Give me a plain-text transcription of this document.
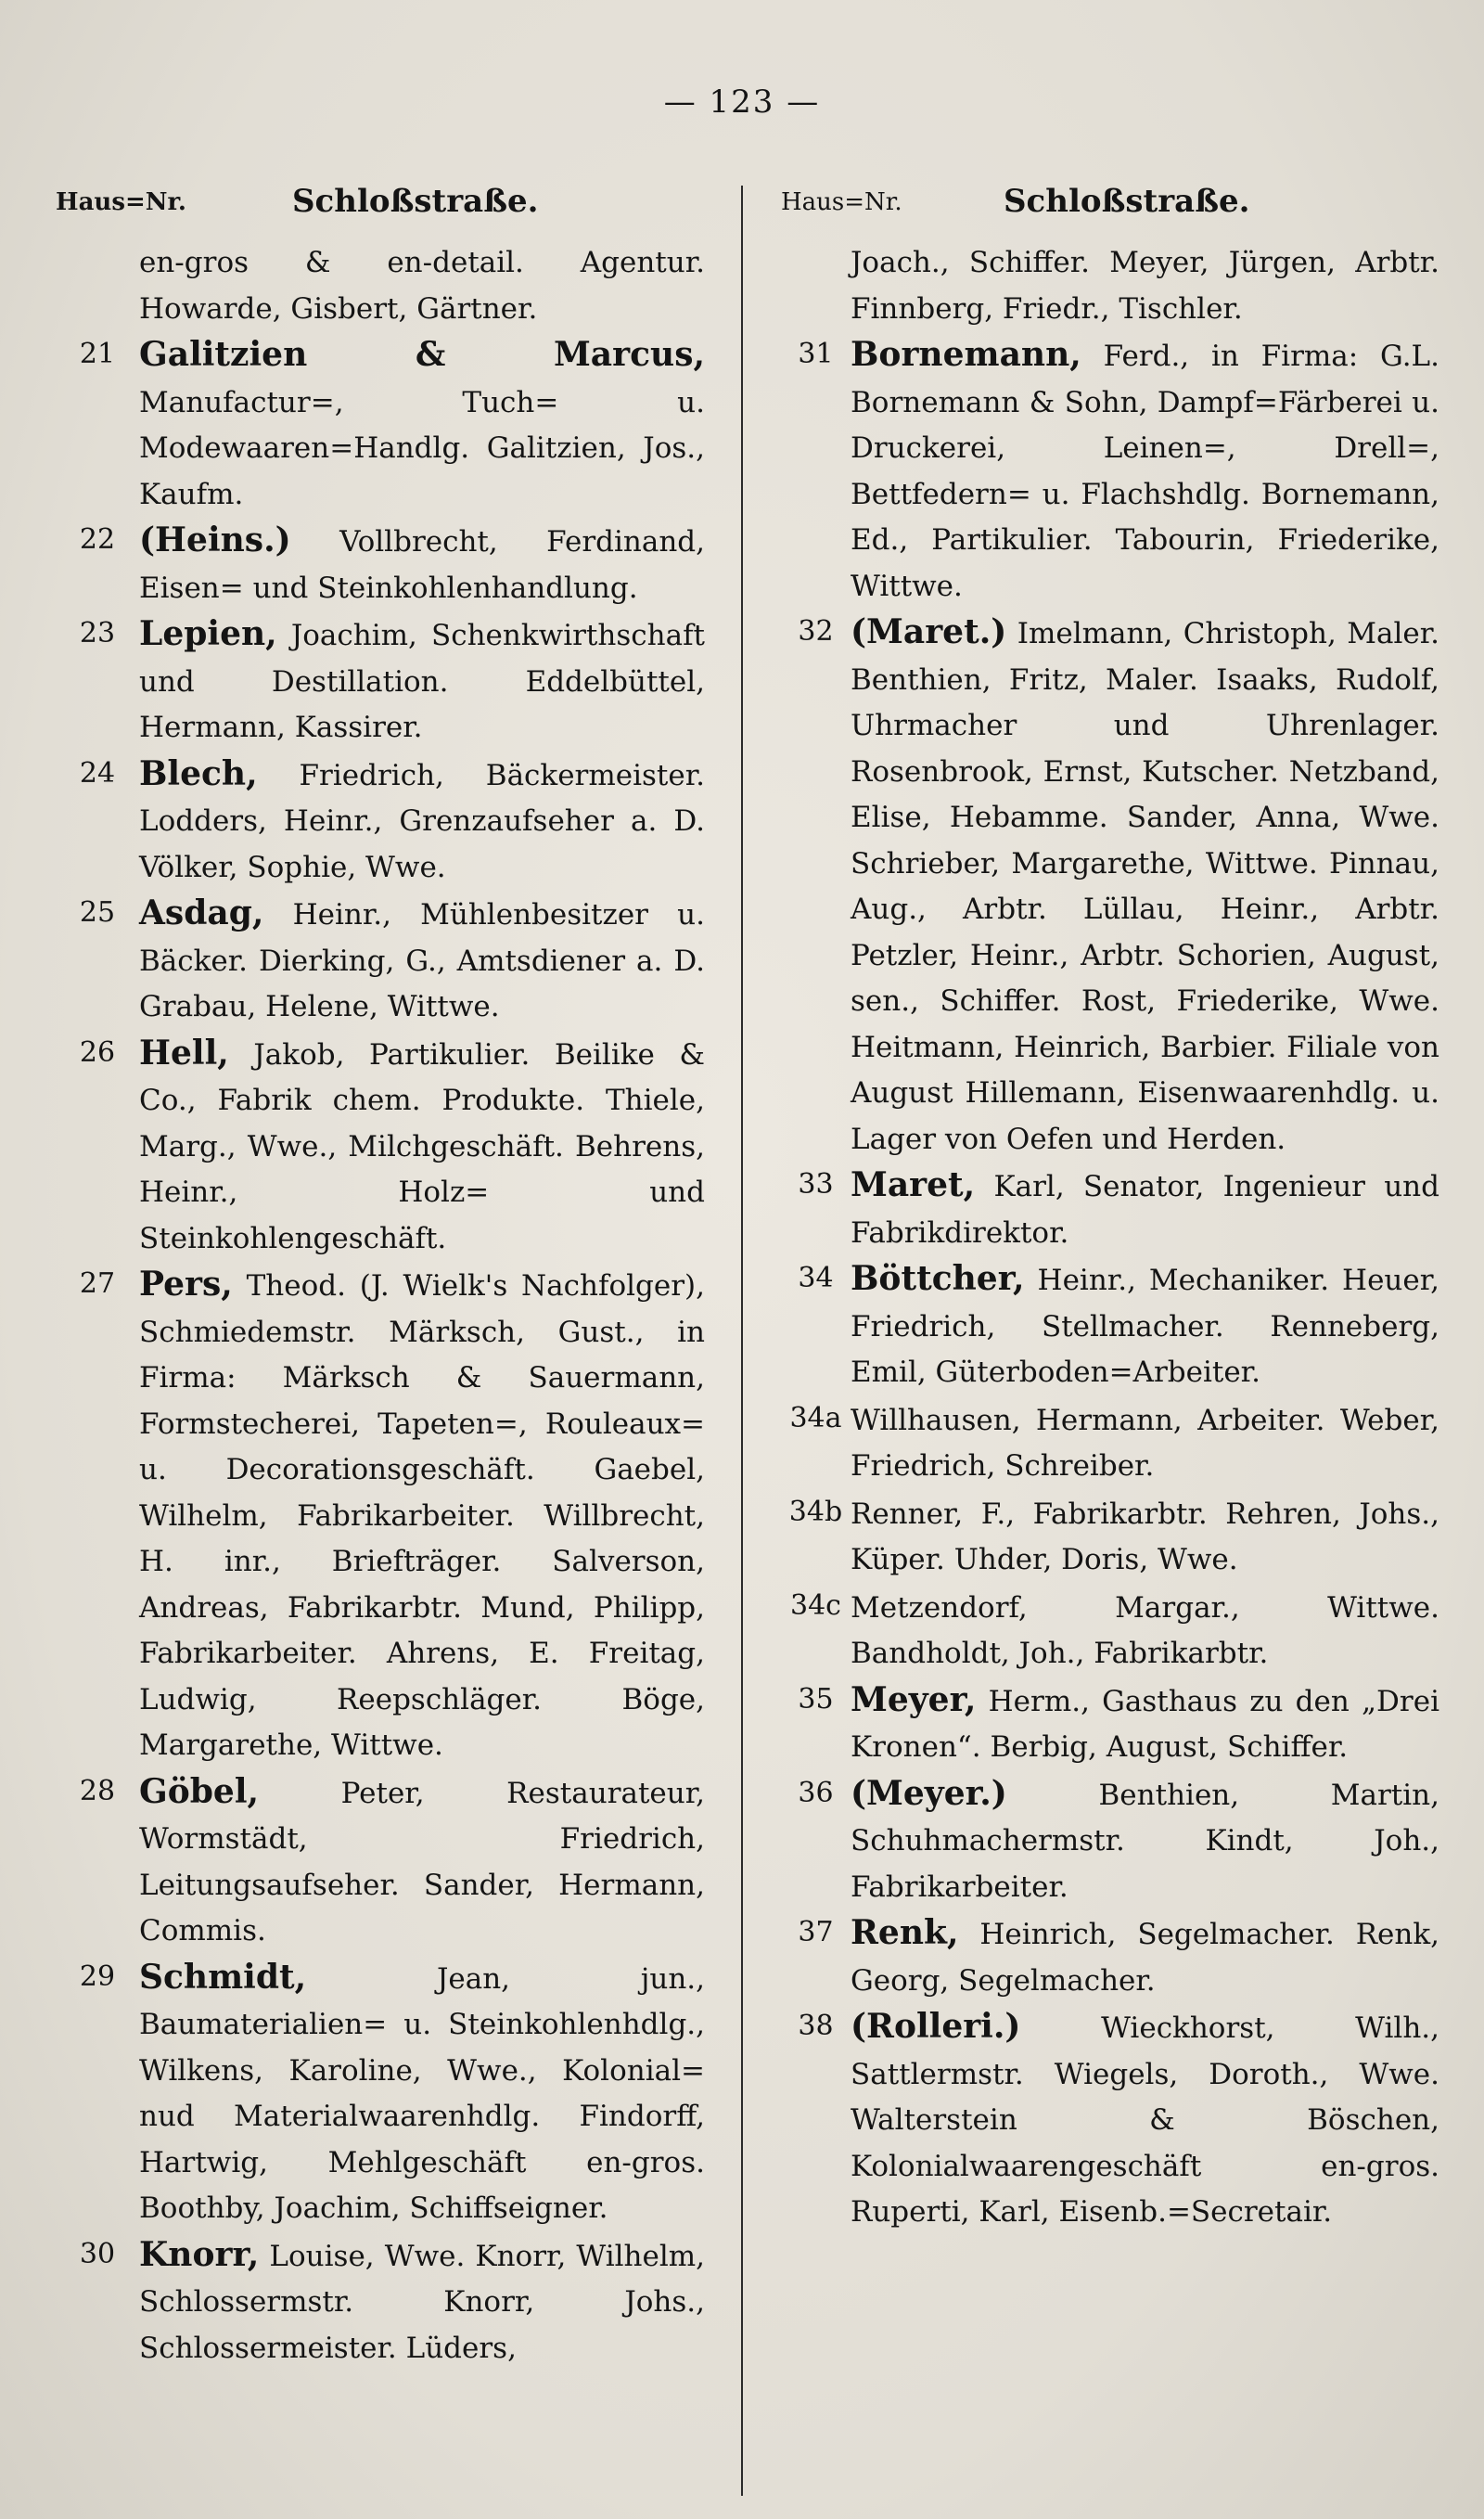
— 123 —
Haus=Nr.	Schloßstraße.

en-gros & en-detail. Agentur. Howarde, Gisbert, Gärtner.

21 Galitzien & Marcus, Manufactur=, Tuch= u. Modewaaren=Handlg. Galitzien, Jos., Kaufm.

22 (Heins.) Vollbrecht, Ferdinand, Eisen= und Steinkohlenhandlung.

23 Lepien, Joachim, Schenkwirthschaft und Destillation. Eddelbüttel, Hermann, Kassirer.

24 Blech, Friedrich, Bäckermeister. Lodders, Heinr., Grenzaufseher a. D. Völker, Sophie, Wwe.

25 Asdag, Heinr., Mühlenbesitzer u. Bäcker. Dierking, G., Amtsdiener a. D. Grabau, Helene, Wittwe.

26 Hell, Jakob, Partikulier. Beilike & Co., Fabrik chem. Produkte. Thiele, Marg., Wwe., Milchgeschäft. Behrens, Heinr., Holz= und Steinkohlengeschäft.

27 Pers, Theod. (J. Wielk's Nachfolger), Schmiedemstr. Märksch, Gust., in Firma: Märksch & Sauermann, Formstecherei, Tapeten=, Rouleaux= u. Decorationsgeschäft. Gaebel, Wilhelm, Fabrikarbeiter. Willbrecht, H. inr., Briefträger. Salverson, Andreas, Fabrikarbtr. Mund, Philipp, Fabrikarbeiter. Ahrens, E. Freitag, Ludwig, Reepschläger. Böge, Margarethe, Wittwe.

28 Göbel,	Peter, Restaurateur, Wormstädt, Friedrich, Leitungsaufseher. Sander, Hermann, Commis.

29 Schmidt,	Jean, jun., Baumaterialien= u. Steinkohlenhdlg., Wilkens, Karoline, Wwe., Kolonial= nud Materialwaarenhdlg. Findorff, Hartwig, Mehlgeschäft en-gros. Boothby, Joachim, Schiffseigner.

30 Knorr, Louise, Wwe. Knorr, Wilhelm, Schlossermstr. Knorr, Johs., Schlossermeister. Lüders,

Haus=Nr.	Schloßstraße.

Joach., Schiffer. Meyer, Jürgen, Arbtr. Finnberg, Friedr., Tischler.

31 Bornemann, Ferd., in Firma: G.L. Bornemann & Sohn, Dampf=Färberei u. Druckerei, Leinen=, Drell=, Bettfedern= u. Flachshdlg. Bornemann, Ed., Partikulier. Tabourin, Friederike, Wittwe.

32 (Maret.) Imelmann, Christoph, Maler. Benthien, Fritz, Maler. Isaaks, Rudolf, Uhrmacher und Uhrenlager. Rosenbrook, Ernst, Kutscher. Netzband, Elise, Hebamme. Sander, Anna, Wwe. Schrieber, Margarethe, Wittwe. Pinnau, Aug., Arbtr. Lüllau, Heinr., Arbtr. Petzler, Heinr., Arbtr. Schorien, August, sen., Schiffer. Rost, Friederike, Wwe. Heitmann, Heinrich, Barbier. Filiale von August Hillemann, Eisenwaarenhdlg. u. Lager von Oefen und Herden.

33 Maret, Karl, Senator, Ingenieur und Fabrikdirektor.

34 Böttcher, Heinr., Mechaniker. Heuer, Friedrich, Stellmacher. Renneberg, Emil, Güterboden=Arbeiter.

34a Willhausen, Hermann, Arbeiter. Weber, Friedrich, Schreiber.

34b Renner, F., Fabrikarbtr. Rehren, Johs., Küper. Uhder, Doris, Wwe.

34c Metzendorf, Margar., Wittwe. Bandholdt, Joh., Fabrikarbtr.

35 Meyer, Herm., Gasthaus zu den „Drei Kronen“. Berbig, August, Schiffer.

36 (Meyer.)	Benthien, Martin, Schuhmachermstr. Kindt, Joh., Fabrikarbeiter.

37 Renk, Heinrich, Segelmacher. Renk, Georg, Segelmacher.

38 (Rolleri.)	Wieckhorst, Wilh., Sattlermstr. Wiegels, Doroth., Wwe. Walterstein & Böschen, Kolonialwaarengeschäft en-gros. Ruperti, Karl, Eisenb.=Secretair.
